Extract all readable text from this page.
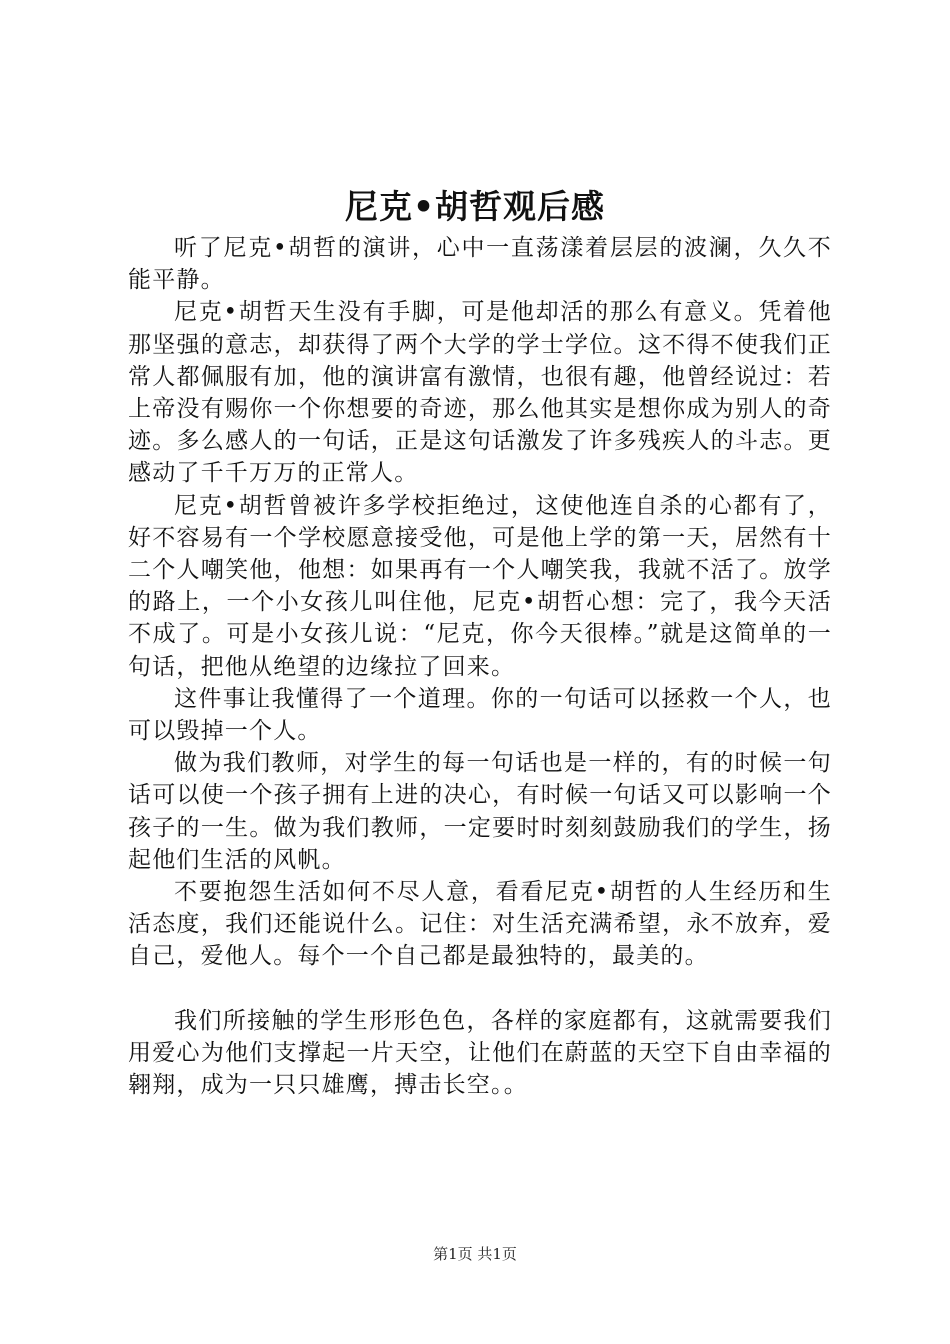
尼克•胡哲观后感

听了尼克•胡哲的演讲，心中一直荡漾着层层的波澜，久久不能平静。

尼克•胡哲天生没有手脚，可是他却活的那么有意义。凭着他那坚强的意志，却获得了两个大学的学士学位。这不得不使我们正常人都佩服有加，他的演讲富有激情，也很有趣，他曾经说过：若上帝没有赐你一个你想要的奇迹，那么他其实是想你成为别人的奇迹。多么感人的一句话，正是这句话激发了许多残疾人的斗志。更感动了千千万万的正常人。

尼克•胡哲曾被许多学校拒绝过，这使他连自杀的心都有了，好不容易有一个学校愿意接受他，可是他上学的第一天，居然有十二个人嘲笑他，他想：如果再有一个人嘲笑我，我就不活了。放学的路上，一个小女孩儿叫住他，尼克•胡哲心想：完了，我今天活不成了。可是小女孩儿说：“尼克，你今天很棒。”就是这简单的一句话，把他从绝望的边缘拉了回来。

这件事让我懂得了一个道理。你的一句话可以拯救一个人，也可以毁掉一个人。

做为我们教师，对学生的每一句话也是一样的，有的时候一句话可以使一个孩子拥有上进的决心，有时候一句话又可以影响一个孩子的一生。做为我们教师，一定要时时刻刻鼓励我们的学生，扬起他们生活的风帆。

不要抱怨生活如何不尽人意，看看尼克•胡哲的人生经历和生活态度，我们还能说什么。记住：对生活充满希望，永不放弃，爱自己，爱他人。每个一个自己都是最独特的，最美的。

我们所接触的学生形形色色，各样的家庭都有，这就需要我们用爱心为他们支撑起一片天空，让他们在蔚蓝的天空下自由幸福的翱翔，成为一只只雄鹰，搏击长空。。

第1页 共1页
